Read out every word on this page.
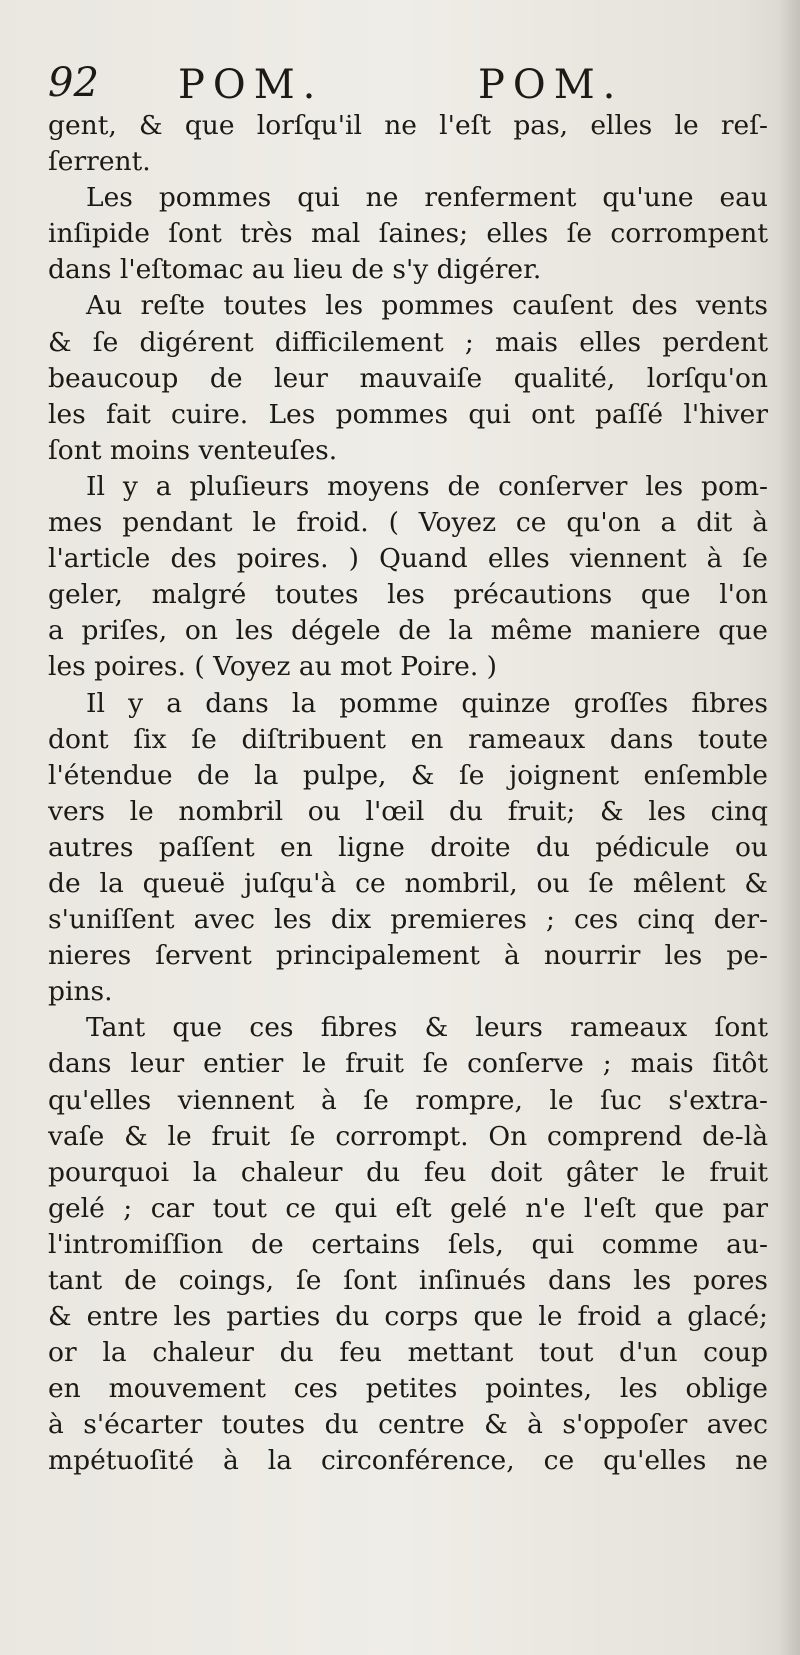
92 POM.	POM.
gent, & que lorſqu'il ne l'eſt pas, elles le reſ-
ſerrent.
Les pommes qui ne renferment qu'une eau
inſipide ſont très mal ſaines; elles ſe corrompent
dans l'eſtomac au lieu de s'y digérer.
Au reſte toutes les pommes cauſent des vents
& ſe digérent difficilement ; mais elles perdent
beaucoup de leur mauvaiſe qualité, lorſqu'on
les fait cuire. Les pommes qui ont paſſé l'hiver
ſont moins venteuſes.
Il y a pluſieurs moyens de conſerver les pom-
mes pendant le froid. ( Voyez ce qu'on a dit à
l'article des poires. ) Quand elles viennent à ſe
geler, malgré toutes les précautions que l'on
a priſes, on les dégele de la même maniere que
les poires. ( Voyez au mot Poire. )
Il y a dans la pomme quinze groſſes fibres
dont ſix ſe diſtribuent en rameaux dans toute
l'étendue de la pulpe, & ſe joignent enſemble
vers le nombril ou l'œil du fruit; & les cinq
autres paſſent en ligne droite du pédicule ou
de la queuë juſqu'à ce nombril, ou ſe mêlent &
s'uniſſent avec les dix premieres ; ces cinq der-
nieres ſervent principalement à nourrir les pe-
pins.
Tant que ces fibres & leurs rameaux ſont
dans leur entier le fruit ſe conſerve ; mais ſitôt
qu'elles viennent à ſe rompre, le ſuc s'extra-
vaſe & le fruit ſe corrompt. On comprend de-là
pourquoi la chaleur du feu doit gâter le fruit
gelé ; car tout ce qui eſt gelé n'e l'eſt que par
l'intromiſſion de certains ſels, qui comme au-
tant de coings, ſe ſont inſinués dans les pores
& entre les parties du corps que le froid a glacé;
or la chaleur du feu mettant tout d'un coup
en mouvement ces petites pointes, les oblige
à s'écarter toutes du centre & à s'oppoſer avec
mpétuoſité à la circonférence, ce qu'elles ne
